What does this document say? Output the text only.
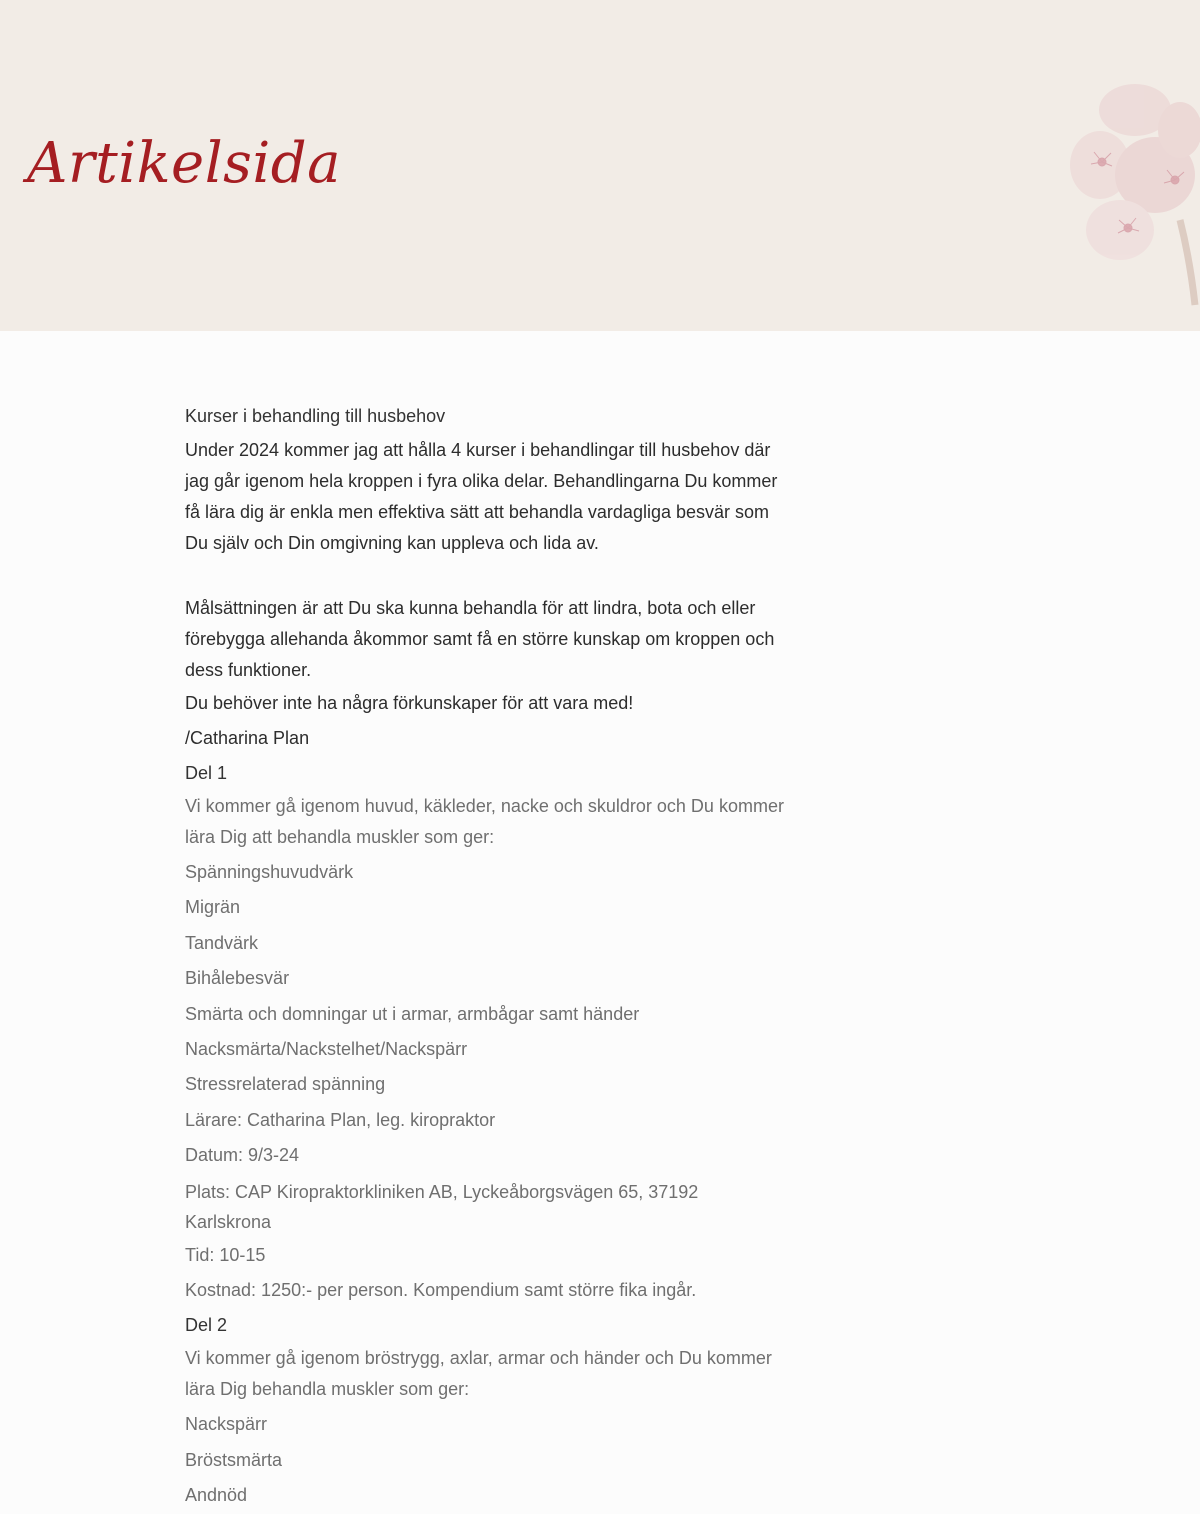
Artikelsida

Kurser i behandling till husbehov

Under 2024 kommer jag att hålla 4 kurser i behandlingar till husbehov där jag går igenom hela kroppen i fyra olika delar. Behandlingarna Du kommer få lära dig är enkla men effektiva sätt att behandla vardagliga besvär som Du själv och Din omgivning kan uppleva och lida av.

Målsättningen är att Du ska kunna behandla för att lindra, bota och eller förebygga allehanda åkommor samt få en större kunskap om kroppen och dess funktioner.

Du behöver inte ha några förkunskaper för att vara med!

/Catharina Plan

Del 1

Vi kommer gå igenom huvud, käkleder, nacke och skuldror och Du kommer lära Dig att behandla muskler som ger:

Spänningshuvudvärk

Migrän

Tandvärk

Bihålebesvär

Smärta och domningar ut i armar, armbågar samt händer

Nacksmärta/Nackstelhet/Nackspärr

Stressrelaterad spänning

Lärare: Catharina Plan, leg. kiropraktor

Datum: 9/3-24

Plats: CAP Kiropraktorkliniken AB, Lyckeåborgsvägen 65, 37192 Karlskrona

Tid: 10-15

Kostnad: 1250:- per person. Kompendium samt större fika ingår.

Del 2

Vi kommer gå igenom bröstrygg, axlar, armar och händer och Du kommer lära Dig behandla muskler som ger:

Nackspärr

Bröstsmärta

Andnöd
